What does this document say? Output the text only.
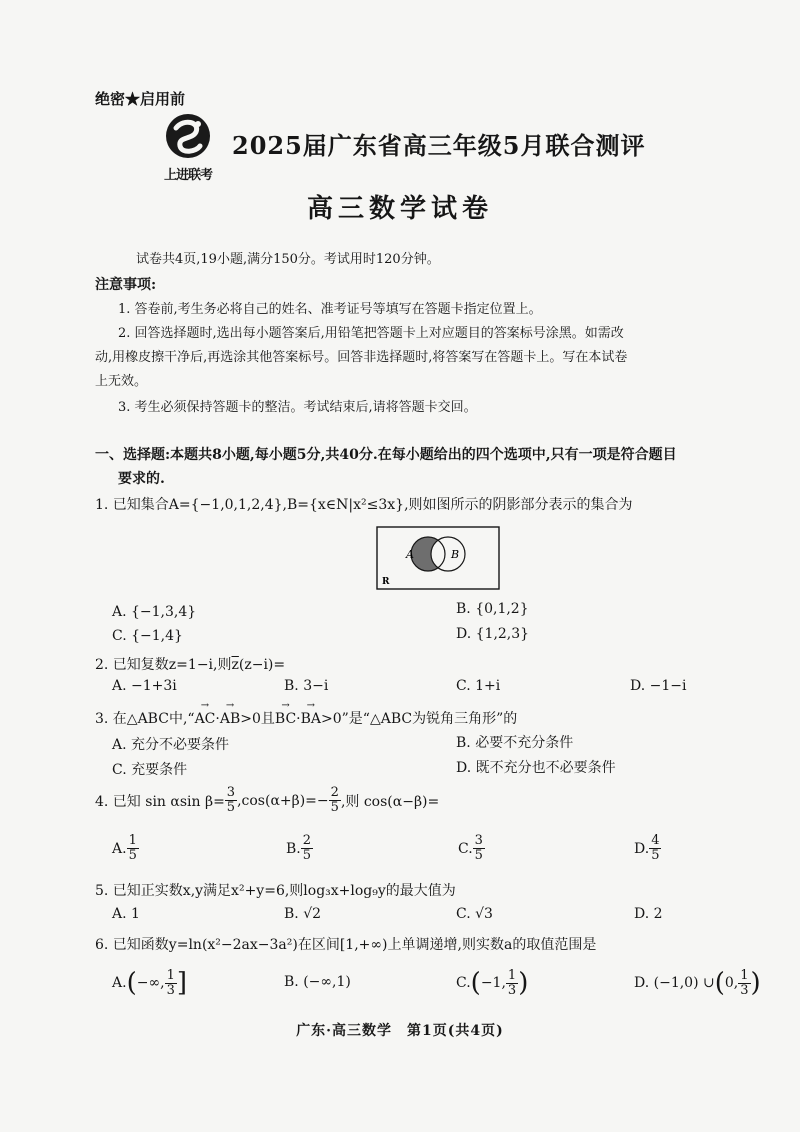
绝密★启用前
上进联考
2025届广东省高三年级5月联合测评
高三数学试卷
试卷共4页,19小题,满分150分。考试用时120分钟。
注意事项:
1. 答卷前,考生务必将自己的姓名、准考证号等填写在答题卡指定位置上。
2. 回答选择题时,选出每小题答案后,用铅笔把答题卡上对应题目的答案标号涂黑。如需改
动,用橡皮擦干净后,再选涂其他答案标号。回答非选择题时,将答案写在答题卡上。写在本试卷
上无效。
3. 考生必须保持答题卡的整洁。考试结束后,请将答题卡交回。
一、选择题:本题共8小题,每小题5分,共40分.在每小题给出的四个选项中,只有一项是符合题目
要求的.
1. 已知集合A={−1,0,1,2,4},B={x∈N|x²≤3x},则如图所示的阴影部分表示的集合为
A	B
R
A. {−1,3,4}	B. {0,1,2}
C. {−1,4}	D. {1,2,3}
2. 已知复数z=1−i,则$\overline{z}(z-i)=$
A. −1+3i	B. 3−i	C. 1+i	D. −1−i
3. 在△ABC中,“→ AC·→ AB>0且→ BC·→ BA>0”是“△ABC为锐角三角形”的
A. 充分不必要条件	B. 必要不充分条件
C. 充要条件	D. 既不充分也不必要条件
4. 已知 sin αsin $\beta= \frac{3}{5} ,\cos(\alpha+\beta)=- \frac{2}{5}$ ,则 cos(α−β)=
A. $\frac{1}{5}$	B. $\frac{2}{5}$	C. $\frac{3}{5}$	D. $\frac{4}{5}$
5. 已知正实数x,y满足x²+y=6,则log₃x+log₉y的最大值为
A. 1	B. √2	C. √3	D. 2
6. 已知函数y=ln(x²−2ax−3a²)在区间[1,+∞)上单调递增,则实数a的取值范围是
A. ( −∞, $\frac{1}{3}$ ]	B. (−∞,1)	C. ( −1, $\frac{1}{3}$ )	D. (−1,0) ∪ ( 0, $\frac{1}{3}$ )
广东·高三数学　第1页(共4页)
